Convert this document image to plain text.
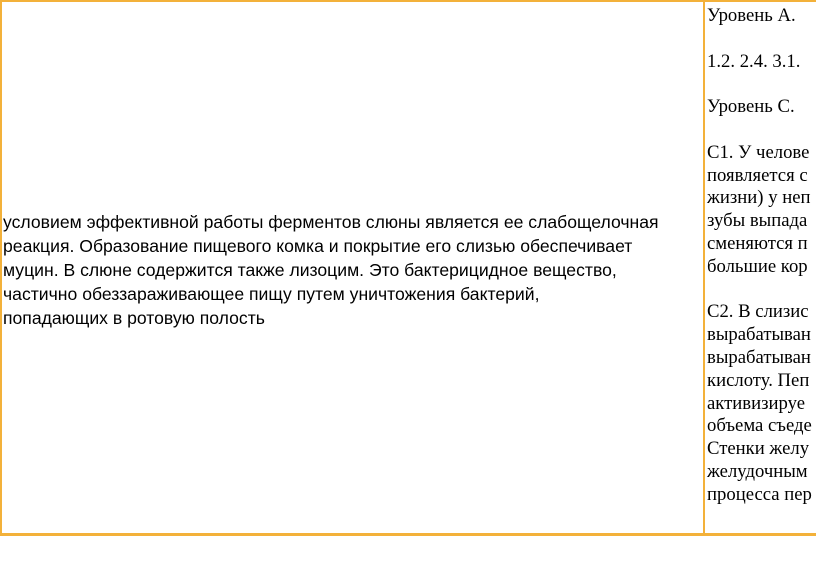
условием эффективной работы ферментов слюны является ее слабощелочная
реакция. Образование пищевого комка и покрытие его слизью обеспечивает
муцин. В слюне содержится также лизоцим. Это бактерицидное вещество,
частично обеззараживающее пищу путем уничтожения бактерий,
попадающих в ротовую полость

Уровень А.
1.2. 2.4. 3.1.
Уровень С.
С1. У челове
появляется с
жизни) у неп
зубы выпада
сменяются п
большие кор
С2. В слизис
вырабатыван
вырабатыван
кислоту. Пеп
активизируе
объема съеде
Стенки желу
желудочным
процесса пер
